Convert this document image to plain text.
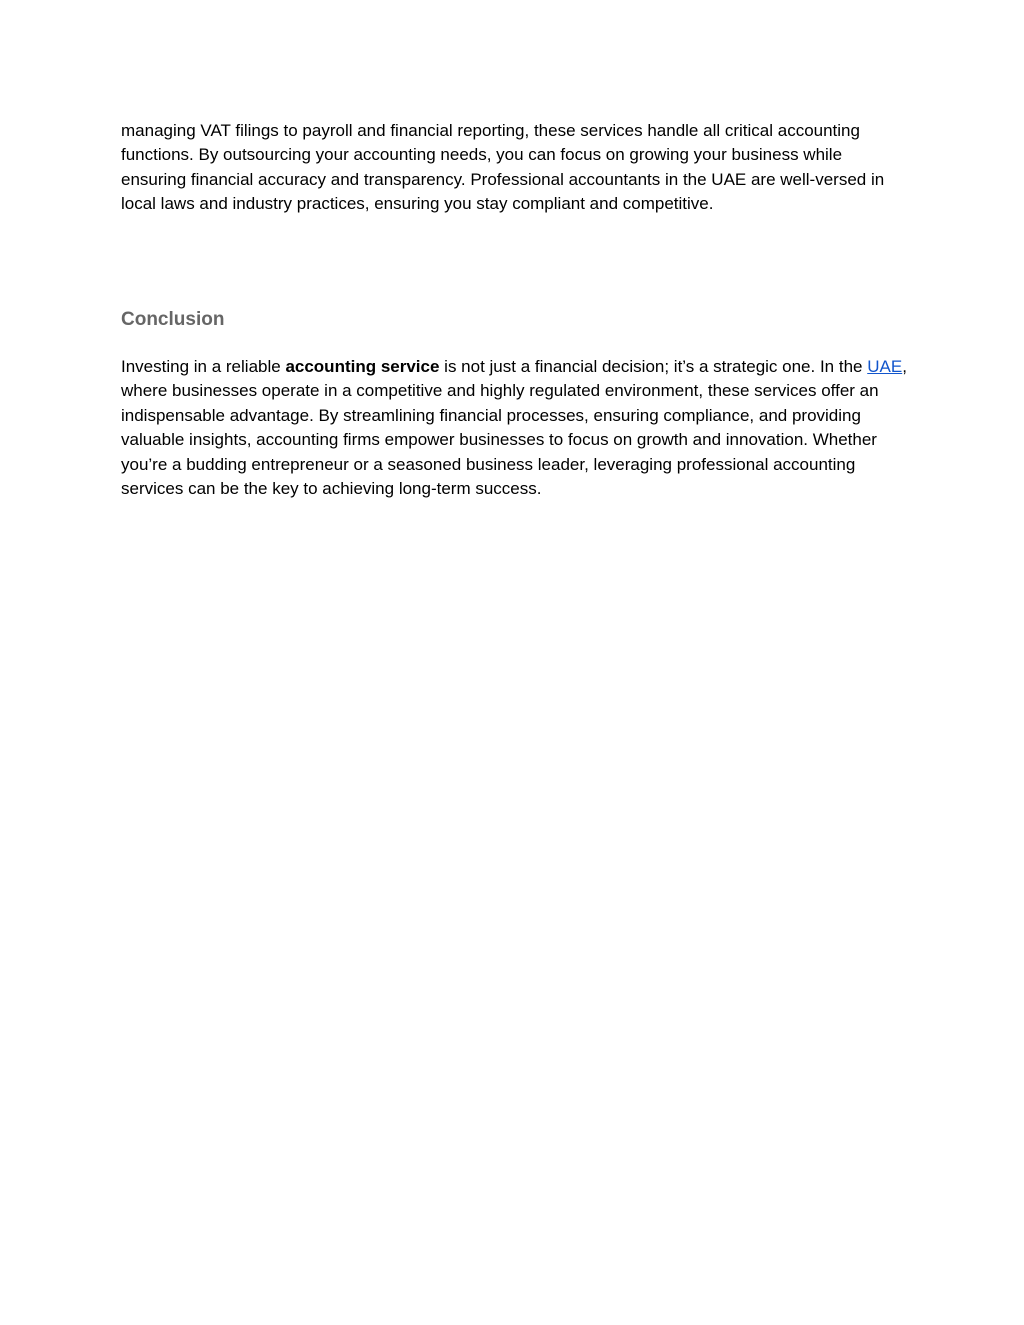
managing VAT filings to payroll and financial reporting, these services handle all critical accounting functions. By outsourcing your accounting needs, you can focus on growing your business while ensuring financial accuracy and transparency. Professional accountants in the UAE are well-versed in local laws and industry practices, ensuring you stay compliant and competitive.

Conclusion

Investing in a reliable accounting service is not just a financial decision; it’s a strategic one. In the UAE, where businesses operate in a competitive and highly regulated environment, these services offer an indispensable advantage. By streamlining financial processes, ensuring compliance, and providing valuable insights, accounting firms empower businesses to focus on growth and innovation. Whether you’re a budding entrepreneur or a seasoned business leader, leveraging professional accounting services can be the key to achieving long-term success.
